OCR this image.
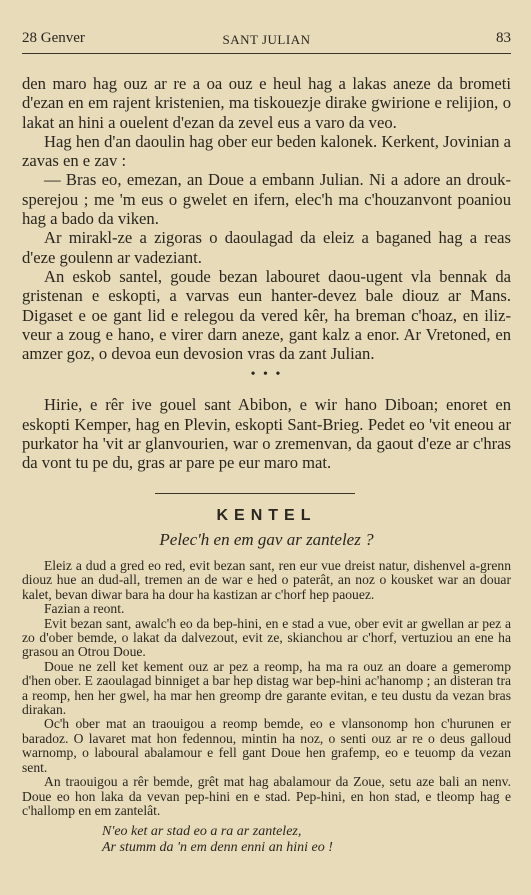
28 Genver	SANT JULIAN	83

den maro hag ouz ar re a oa ouz e heul hag a lakas aneze da brometi d'ezan en em rajent kristenien, ma tiskouezje dirake gwirione e relijion, o lakat an hini a ouelent d'ezan da zevel eus a varo da veo.

Hag hen d'an daoulin hag ober eur beden kalonek. Kerkent, Jovinian a zavas en e zav :

— Bras eo, emezan, an Doue a embann Julian. Ni a adore an drouk-sperejou ; me 'm eus o gwelet en ifern, elec'h ma c'houzanvont poaniou hag a bado da viken.

Ar mirakl-ze a zigoras o daoulagad da eleiz a baganed hag a reas d'eze goulenn ar vadeziant.

An eskob santel, goude bezan labouret daou-ugent vla bennak da gristenan e eskopti, a varvas eun hanter-devez bale diouz ar Mans. Digaset e oe gant lid e relegou da vered kêr, ha breman c'hoaz, en iliz-veur a zoug e hano, e virer darn aneze, gant kalz a enor. Ar Vretoned, en amzer goz, o devoa eun devosion vras da zant Julian.

• • •

Hirie, e rêr ive gouel sant Abibon, e wir hano Diboan; enoret en eskopti Kemper, hag en Plevin, eskopti Sant-Brieg. Pedet eo 'vit eneou ar purkator ha 'vit ar glanvourien, war o zremenvan, da gaout d'eze ar c'hras da vont tu pe du, gras ar pare pe eur maro mat.

KENTEL
Pelec'h en em gav ar zantelez ?

Eleiz a dud a gred eo red, evit bezan sant, ren eur vue dreist natur, dishenvel a-grenn diouz hue an dud-all, tremen an de war e hed o paterât, an noz o kousket war an douar kalet, bevan diwar bara ha dour ha kastizan ar c'horf hep paouez.

Fazian a reont.

Evit bezan sant, awalc'h eo da bep-hini, en e stad a vue, ober evit ar gwellan ar pez a zo d'ober bemde, o lakat da dalvezout, evit ze, skianchou ar c'horf, vertuziou an ene ha grasou an Otrou Doue.

Doue ne zell ket kement ouz ar pez a reomp, ha ma ra ouz an doare a gemeromp d'hen ober. E zaoulagad binniget a bar hep distag war bep-hini ac'hanomp ; an disteran tra a reomp, hen her gwel, ha mar hen greomp dre garante evitan, e teu dustu da vezan bras dirakan.

Oc'h ober mat an traouigou a reomp bemde, eo e vlansonomp hon c'hurunen er baradoz. O lavaret mat hon fedennou, mintin ha noz, o senti ouz ar re o deus galloud warnomp, o laboural abalamour e fell gant Doue hen grafemp, eo e teuomp da vezan sent.

An traouigou a rêr bemde, grêt mat hag abalamour da Zoue, setu aze bali an nenv. Doue eo hon laka da vevan pep-hini en e stad. Pep-hini, en hon stad, e tleomp hag e c'hallomp en em zantelât.

N'eo ket ar stad eo a ra ar zantelez,
Ar stumm da 'n em denn enni an hini eo !
